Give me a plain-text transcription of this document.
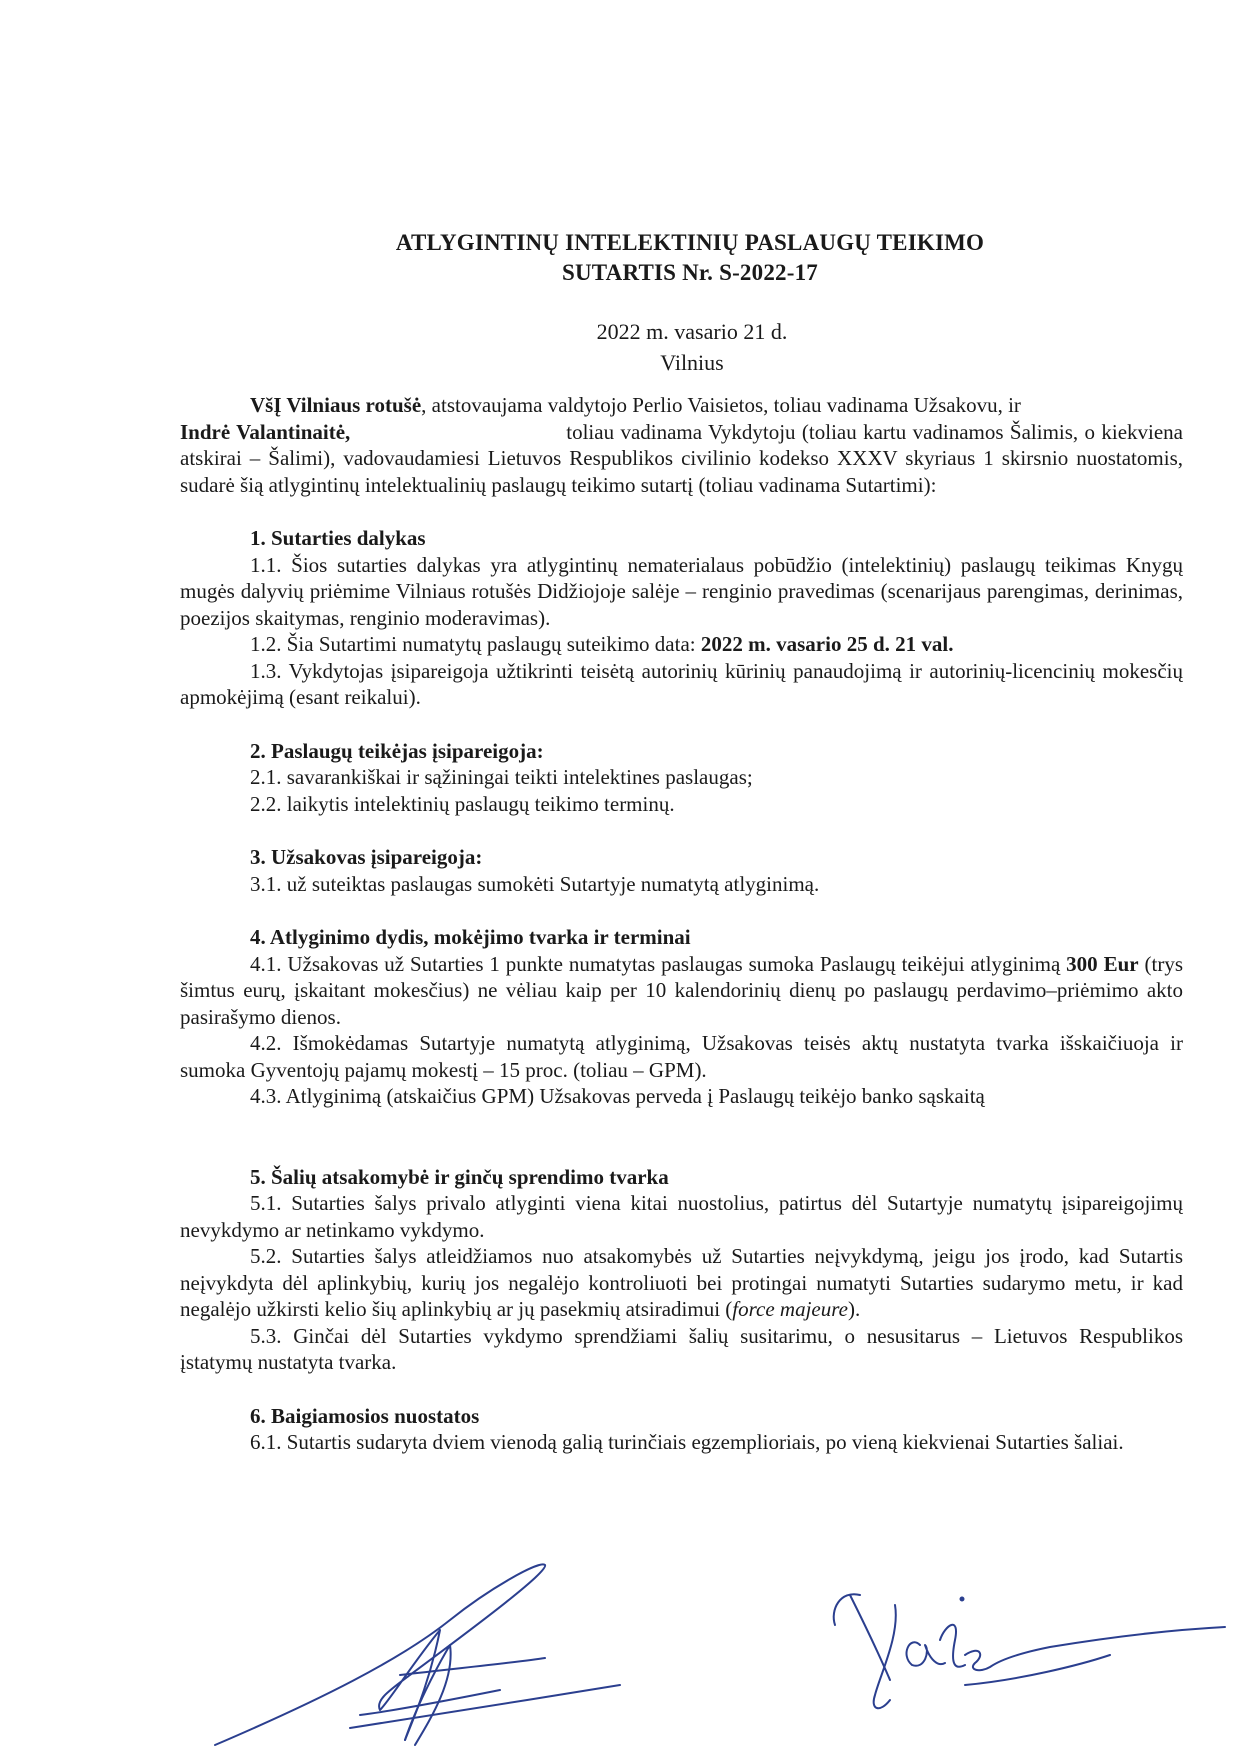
ATLYGINTINŲ INTELEKTINIŲ PASLAUGŲ TEIKIMO
SUTARTIS Nr. S-2022-17
2022 m. vasario 21 d.
Vilnius

VšĮ Vilniaus rotušė, atstovaujama valdytojo Perlio Vaisietos, toliau vadinama Užsakovu, ir
Indrė Valantinaitė,	toliau vadinama Vykdytoju (toliau kartu vadinamos Šalimis, o kiekviena atskirai – Šalimi), vadovaudamiesi Lietuvos Respublikos civilinio kodekso XXXV skyriaus 1 skirsnio nuostatomis, sudarė šią atlygintinų intelektualinių paslaugų teikimo sutartį (toliau vadinama Sutartimi):

1. Sutarties dalykas

1.1. Šios sutarties dalykas yra atlygintinų nematerialaus pobūdžio (intelektinių) paslaugų teikimas Knygų mugės dalyvių priėmime Vilniaus rotušės Didžiojoje salėje – renginio pravedimas (scenarijaus parengimas, derinimas, poezijos skaitymas, renginio moderavimas).

1.2. Šia Sutartimi numatytų paslaugų suteikimo data: 2022 m. vasario 25 d. 21 val.

1.3. Vykdytojas įsipareigoja užtikrinti teisėtą autorinių kūrinių panaudojimą ir autorinių-licencinių mokesčių apmokėjimą (esant reikalui).

2. Paslaugų teikėjas įsipareigoja:

2.1. savarankiškai ir sąžiningai teikti intelektines paslaugas;

2.2. laikytis intelektinių paslaugų teikimo terminų.

3. Užsakovas įsipareigoja:

3.1. už suteiktas paslaugas sumokėti Sutartyje numatytą atlyginimą.

4. Atlyginimo dydis, mokėjimo tvarka ir terminai

4.1. Užsakovas už Sutarties 1 punkte numatytas paslaugas sumoka Paslaugų teikėjui atlyginimą 300 Eur (trys šimtus eurų, įskaitant mokesčius) ne vėliau kaip per 10 kalendorinių dienų po paslaugų perdavimo–priėmimo akto pasirašymo dienos.

4.2. Išmokėdamas Sutartyje numatytą atlyginimą, Užsakovas teisės aktų nustatyta tvarka išskaičiuoja ir sumoka Gyventojų pajamų mokestį – 15 proc. (toliau – GPM).

4.3. Atlyginimą (atskaičius GPM) Užsakovas perveda į Paslaugų teikėjo banko sąskaitą

5. Šalių atsakomybė ir ginčų sprendimo tvarka

5.1. Sutarties šalys privalo atlyginti viena kitai nuostolius, patirtus dėl Sutartyje numatytų įsipareigojimų nevykdymo ar netinkamo vykdymo.

5.2. Sutarties šalys atleidžiamos nuo atsakomybės už Sutarties neįvykdymą, jeigu jos įrodo, kad Sutartis neįvykdyta dėl aplinkybių, kurių jos negalėjo kontroliuoti bei protingai numatyti Sutarties sudarymo metu, ir kad negalėjo užkirsti kelio šių aplinkybių ar jų pasekmių atsiradimui (force majeure).

5.3. Ginčai dėl Sutarties vykdymo sprendžiami šalių susitarimu, o nesusitarus – Lietuvos Respublikos įstatymų nustatyta tvarka.

6. Baigiamosios nuostatos

6.1. Sutartis sudaryta dviem vienodą galią turinčiais egzemplioriais, po vieną kiekvienai Sutarties šaliai.
